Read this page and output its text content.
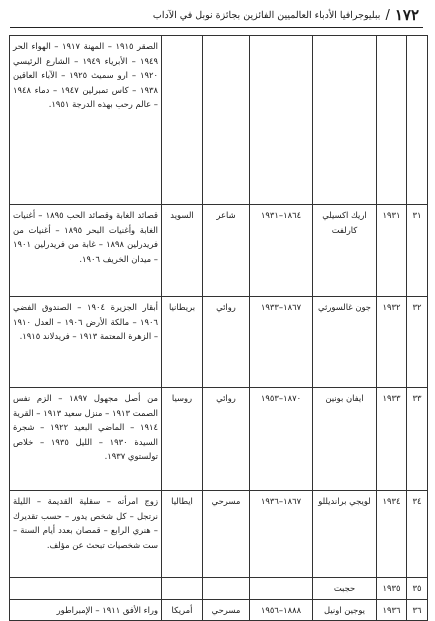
١٧٢
/
ببليوجرافيا الأدباء العالميين الفائزين بجائزة نوبل في الآداب
						الصقر ١٩١٥ – المهنة ١٩١٧ – الهواء الحر ١٩٤٩ – الأبرياء ١٩٤٩ – الشارع الرئيسي ١٩٢٠ – ارو سميث ١٩٢٥ – الآباء العاقين ١٩٣٨ – كاس تمبرلين ١٩٤٧ – دماء ١٩٤٨ – عالم رحب بهذه الدرجة ١٩٥١.
٣١	١٩٣١	اريك اكسيلي كارلفت	١٨٦٤–١٩٣١	شاعر	السويد	قصائد الغابة وقصائد الحب ١٨٩٥ – أغنيات الغابة وأغنيات البحر ١٨٩٥ – أغنيات من فريدرلين ١٨٩٨ – غابة من فريدرلين ١٩٠١ – ميدان الخريف ١٩٠٦.
٣٢	١٩٣٢	جون غالسورثي	١٨٦٧–١٩٣٣	روائي	بريطانيا	أبقار الجزيرة ١٩٠٤ – الصندوق الفضي ١٩٠٦ – مالكة الأرض ١٩٠٦ – العدل ١٩١٠ – الزهرة المعتمة ١٩١٣ – فريدلاند ١٩١٥.
٣٣	١٩٣٣	ايفان بونين	١٨٧٠–١٩٥٣	روائي	روسيا	من أصل مجهول ١٨٩٧ – الزم نفس الصمت ١٩١٣ – منزل سعيد ١٩١٣ – القرية ١٩١٤ – الماضي البعيد ١٩٢٢ – شجرة السيدة ١٩٣٠ – الليل ١٩٣٥ – خلاص تولستوي ١٩٣٧.
٣٤	١٩٣٤	لويجي برانديللو	١٨٦٧–١٩٣٦	مسرحي	ايطاليا	زوج امرأته – سقلية القديمة – الليلة نرتجل – كل شخص يدور – حسب تقديرك – هنري الرابع – قمصان بعدد أيام السنة – ست شخصيات تبحث عن مؤلف.
٣٥	١٩٣٥	حجبت				
٣٦	١٩٣٦	يوجين اونيل	١٨٨٨–١٩٥٦	مسرحي	أمريكا	وراء الأفق ١٩١١ – الإمبراطور
